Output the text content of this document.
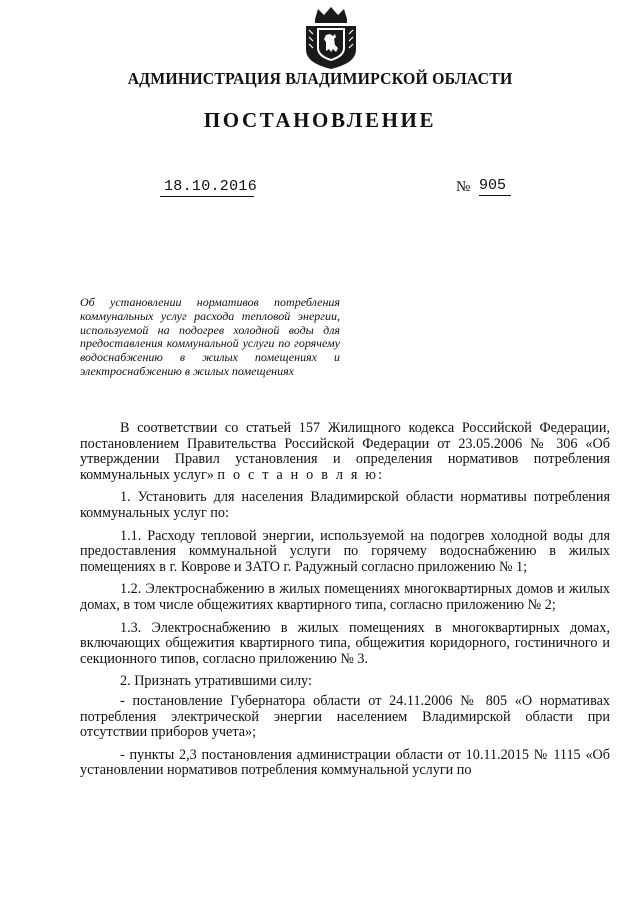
АДМИНИСТРАЦИЯ ВЛАДИМИРСКОЙ ОБЛАСТИ
ПОСТАНОВЛЕНИЕ
18.10.2016	№ 905
Об установлении нормативов потребления коммунальных услуг расхода тепловой энергии, используемой на подогрев холодной воды для предоставления коммунальной услуги по горячему водоснабжению в жилых помещениях и электроснабжению в жилых помещениях

В соответствии со статьей 157 Жилищного кодекса Российской Федерации, постановлением Правительства Российской Федерации от 23.05.2006 № 306 «Об утверждении Правил установления и определения нормативов потребления коммунальных услуг» п о с т а н о в л я ю:

1. Установить для населения Владимирской области нормативы потребления коммунальных услуг по:

1.1. Расходу тепловой энергии, используемой на подогрев холодной воды для предоставления коммунальной услуги по горячему водоснабжению в жилых помещениях в г. Коврове и ЗАТО г. Радужный согласно приложению № 1;

1.2. Электроснабжению в жилых помещениях многоквартирных домов и жилых домах, в том числе общежитиях квартирного типа, согласно приложению № 2;

1.3. Электроснабжению в жилых помещениях в многоквартирных домах, включающих общежития квартирного типа, общежития коридорного, гостиничного и секционного типов, согласно приложению № 3.

2. Признать утратившими силу:

- постановление Губернатора области от 24.11.2006 № 805 «О нормативах потребления электрической энергии населением Владимирской области при отсутствии приборов учета»;

- пункты 2,3 постановления администрации области от 10.11.2015 № 1115 «Об установлении нормативов потребления коммунальной услуги по
